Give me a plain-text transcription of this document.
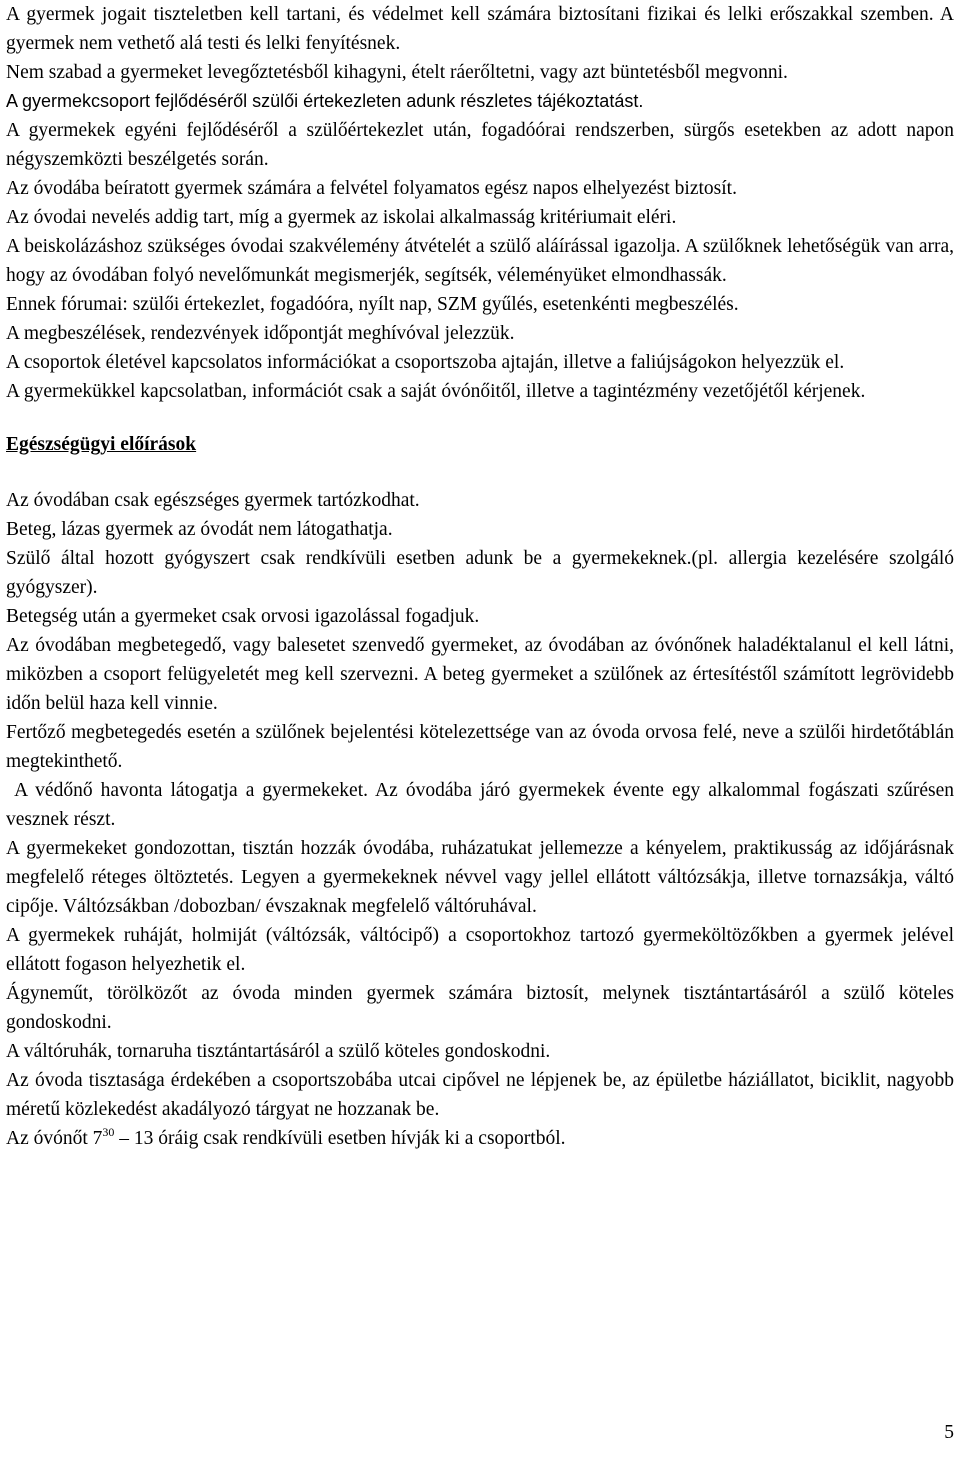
A gyermek jogait tiszteletben kell tartani, és védelmet kell számára biztosítani fizikai és lelki erőszakkal szemben. A gyermek nem vethető alá testi és lelki fenyítésnek.

Nem szabad a gyermeket levegőztetésből kihagyni, ételt ráerőltetni, vagy azt büntetésből megvonni.

A gyermekcsoport fejlődéséről szülői értekezleten adunk részletes tájékoztatást.

A gyermekek egyéni fejlődéséről a szülőértekezlet után, fogadóórai rendszerben, sürgős esetekben az adott napon négyszemközti beszélgetés során.

Az óvodába beíratott gyermek számára a felvétel folyamatos egész napos elhelyezést biztosít.

Az óvodai nevelés addig tart, míg a gyermek az iskolai alkalmasság kritériumait eléri.

A beiskolázáshoz szükséges óvodai szakvélemény átvételét a szülő aláírással igazolja. A szülőknek lehetőségük van arra, hogy az óvodában folyó nevelőmunkát megismerjék, segítsék, véleményüket elmondhassák.

Ennek fórumai: szülői értekezlet, fogadóóra, nyílt nap, SZM gyűlés, esetenkénti megbeszélés.

A megbeszélések, rendezvények időpontját meghívóval jelezzük.

A csoportok életével kapcsolatos információkat a csoportszoba ajtaján, illetve a faliújságokon helyezzük el.

A gyermekükkel kapcsolatban, információt csak a saját óvónőitől, illetve a tagintézmény vezetőjétől kérjenek.

Egészségügyi előírások

Az óvodában csak egészséges gyermek tartózkodhat.

Beteg, lázas gyermek az óvodát nem látogathatja.

Szülő által hozott gyógyszert csak rendkívüli esetben adunk be a gyermekeknek.(pl. allergia kezelésére szolgáló gyógyszer).

Betegség után a gyermeket csak orvosi igazolással fogadjuk.

Az óvodában megbetegedő, vagy balesetet szenvedő gyermeket, az óvodában az óvónőnek haladéktalanul el kell látni, miközben a csoport felügyeletét meg kell szervezni. A beteg gyermeket a szülőnek az értesítéstől számított legrövidebb időn belül haza kell vinnie.

Fertőző megbetegedés esetén a szülőnek bejelentési kötelezettsége van az óvoda orvosa felé, neve a szülői hirdetőtáblán megtekinthető.

A védőnő havonta látogatja a gyermekeket. Az óvodába járó gyermekek évente egy alkalommal fogászati szűrésen vesznek részt.

A gyermekeket gondozottan, tisztán hozzák óvodába, ruházatukat jellemezze a kényelem, praktikusság az időjárásnak megfelelő réteges öltöztetés. Legyen a gyermekeknek névvel vagy jellel ellátott váltózsákja, illetve tornazsákja, váltó cipője. Váltózsákban /dobozban/ évszaknak megfelelő váltóruhával.

A gyermekek ruháját, holmiját (váltózsák, váltócipő) a csoportokhoz tartozó gyermeköltözőkben a gyermek jelével ellátott fogason helyezhetik el.

Ágyneműt, törölközőt az óvoda minden gyermek számára biztosít, melynek tisztántartásáról a szülő köteles gondoskodni.

A váltóruhák, tornaruha tisztántartásáról a szülő köteles gondoskodni.

Az óvoda tisztasága érdekében a csoportszobába utcai cipővel ne lépjenek be, az épületbe háziállatot, biciklit, nagyobb méretű közlekedést akadályozó tárgyat ne hozzanak be.

Az óvónőt $7^{30} - 13$ óráig csak rendkívüli esetben hívják ki a csoportból.

5
